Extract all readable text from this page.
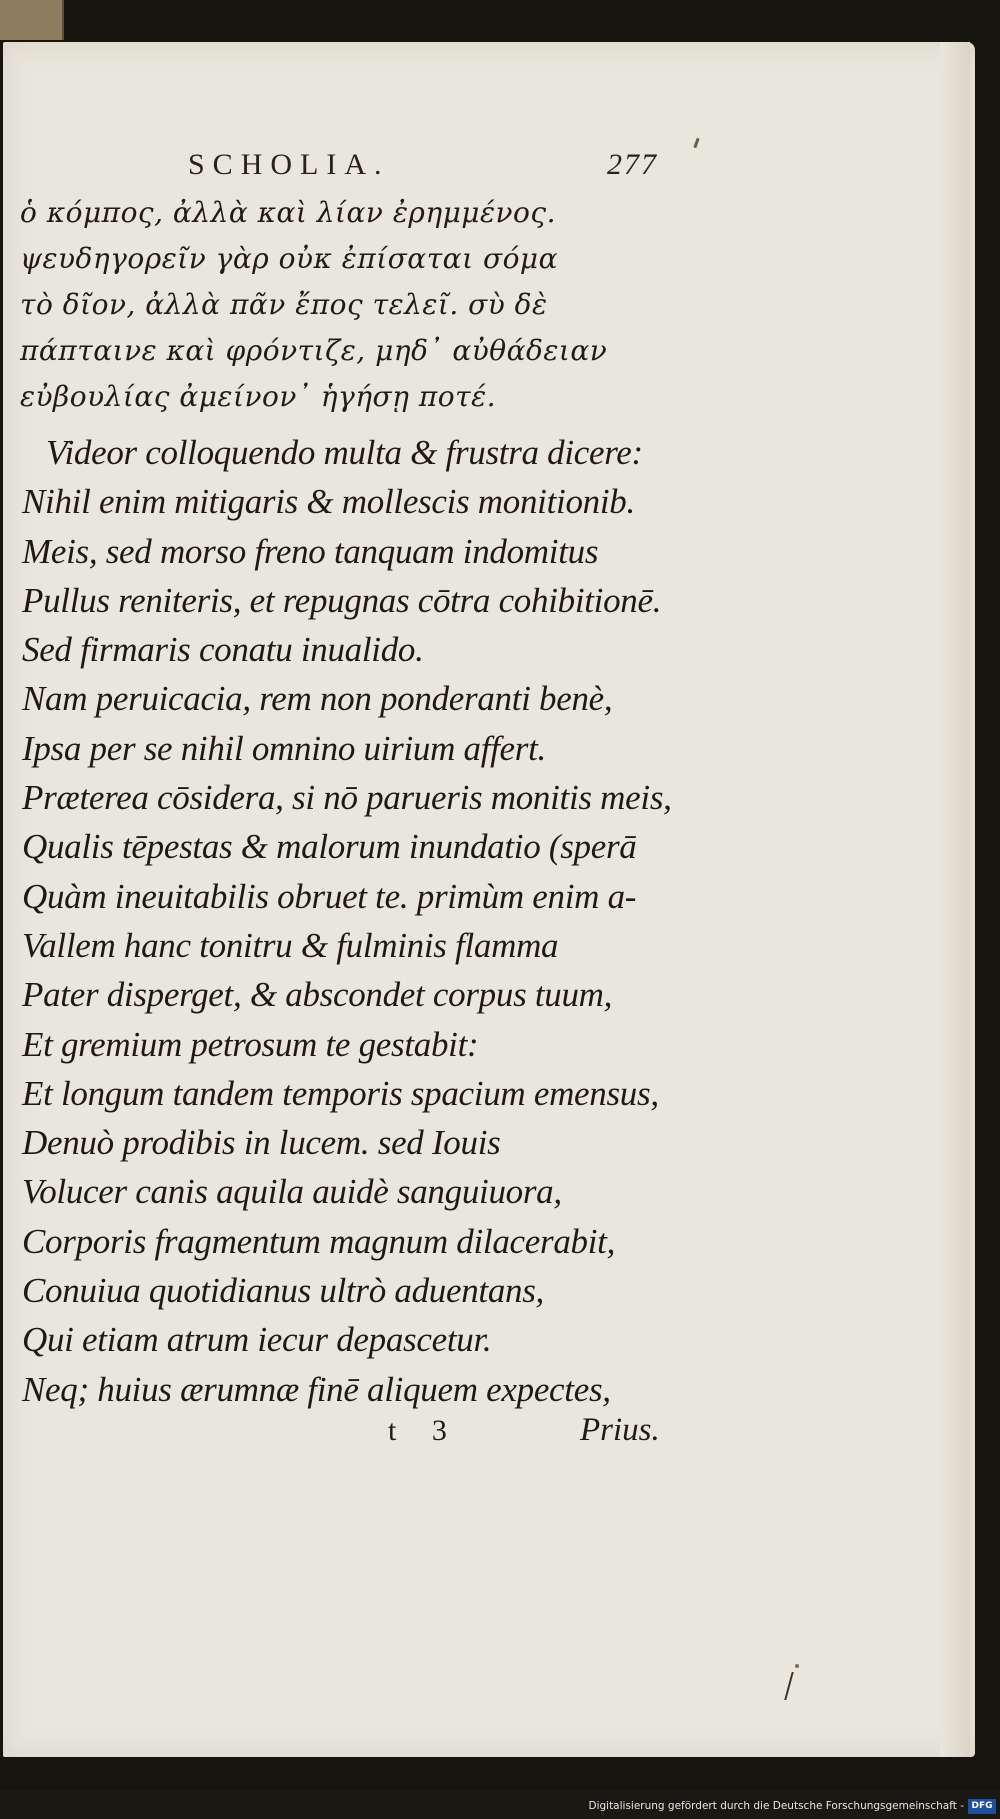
SCHOLIA.	277
ὁ κόμπος, ἀλλὰ καὶ λίαν ἐρημμένος.
ψευδηγορεῖν γὰρ οὐκ ἐπίσαται σόμα
τὸ δῖον, ἀλλὰ πᾶν ἔπος τελεῖ. σὺ δὲ
πάπταινε καὶ φρόντιζε, μηδ᾽ αὐθάδειαν
εὐβουλίας ἀμείνον᾽ ἡγήσῃ ποτέ.
Videor colloquendo multa & frustra dicere:
Nihil enim mitigaris & mollescis monitionib.
Meis, sed morso freno tanquam indomitus
Pullus reniteris, et repugnas cōtra cohibitionē.
Sed firmaris conatu inualido.
Nam peruicacia, rem non ponderanti benè,
Ipsa per se nihil omnino uirium affert.
Præterea cōsidera, si nō parueris monitis meis,
Qualis tēpestas & malorum inundatio (sperā
Quàm ineuitabilis obruet te. primùm enim a-
Vallem hanc tonitru & fulminis flamma
Pater disperget, & abscondet corpus tuum,
Et gremium petrosum te gestabit:
Et longum tandem temporis spacium emensus,
Denuò prodibis in lucem. sed Iouis
Volucer canis aquila auidè sanguiuora,
Corporis fragmentum magnum dilacerabit,
Conuiua quotidianus ultrò aduentans,
Qui etiam atrum iecur depascetur.
Neq; huius ærumnæ finē aliquem expectes,
t 3	Prius.
Digitalisierung gefördert durch die Deutsche Forschungsgemeinschaft - DFG
